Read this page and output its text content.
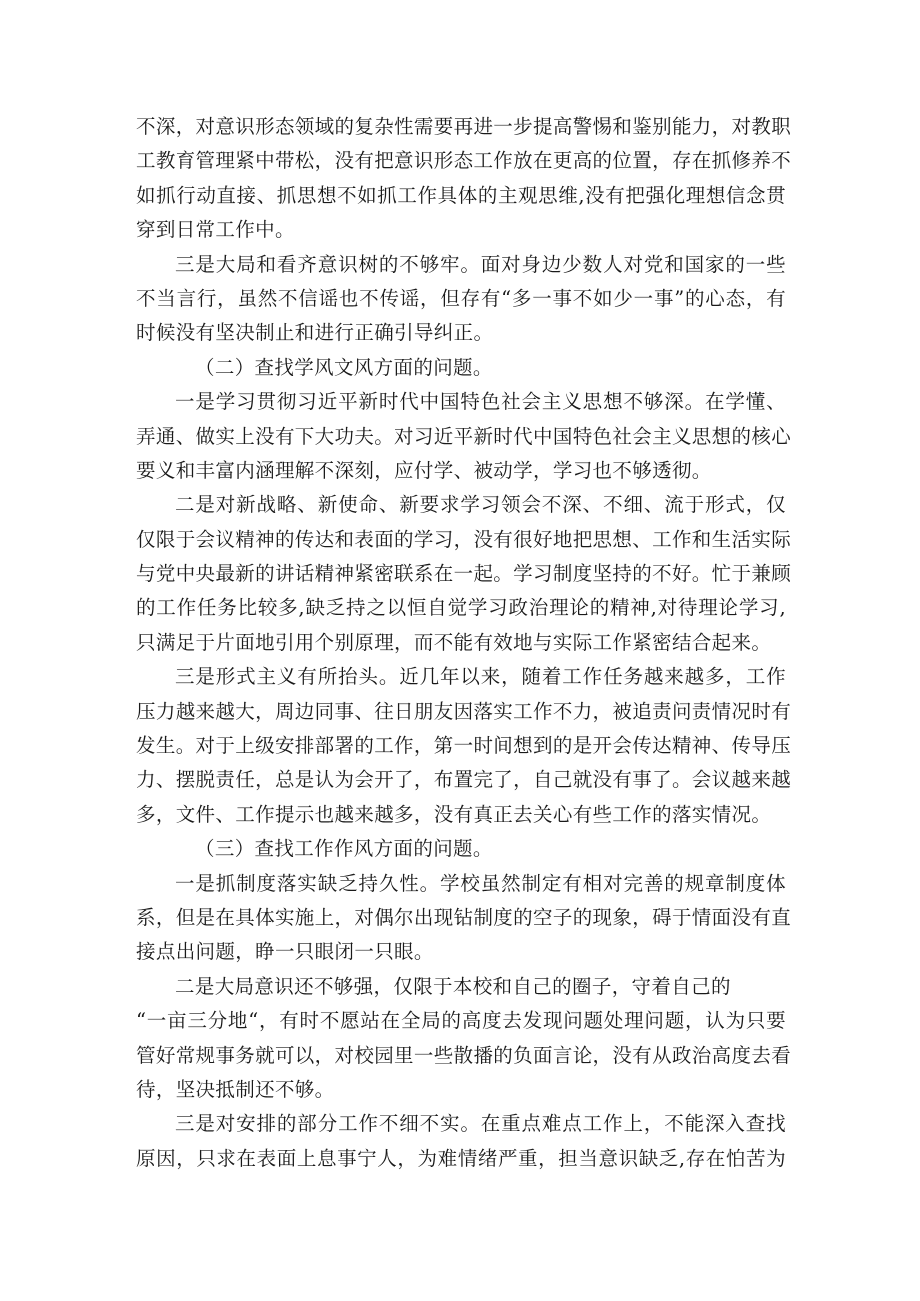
不深，对意识形态领域的复杂性需要再进一步提高警惕和鉴别能力，对教职
工教育管理紧中带松，没有把意识形态工作放在更高的位置，存在抓修养不
如抓行动直接、抓思想不如抓工作具体的主观思维,没有把强化理想信念贯
穿到日常工作中。
三是大局和看齐意识树的不够牢。面对身边少数人对党和国家的一些
不当言行，虽然不信谣也不传谣，但存有“多一事不如少一事”的心态，有
时候没有坚决制止和进行正确引导纠正。
（二）查找学风文风方面的问题。
一是学习贯彻习近平新时代中国特色社会主义思想不够深。在学懂、
弄通、做实上没有下大功夫。对习近平新时代中国特色社会主义思想的核心
要义和丰富内涵理解不深刻，应付学、被动学，学习也不够透彻。
二是对新战略、新使命、新要求学习领会不深、不细、流于形式，仅
仅限于会议精神的传达和表面的学习，没有很好地把思想、工作和生活实际
与党中央最新的讲话精神紧密联系在一起。学习制度坚持的不好。忙于兼顾
的工作任务比较多,缺乏持之以恒自觉学习政治理论的精神,对待理论学习,
只满足于片面地引用个别原理，而不能有效地与实际工作紧密结合起来。
三是形式主义有所抬头。近几年以来，随着工作任务越来越多，工作
压力越来越大，周边同事、往日朋友因落实工作不力，被追责问责情况时有
发生。对于上级安排部署的工作，第一时间想到的是开会传达精神、传导压
力、摆脱责任，总是认为会开了，布置完了，自己就没有事了。会议越来越
多，文件、工作提示也越来越多，没有真正去关心有些工作的落实情况。
（三）查找工作作风方面的问题。
一是抓制度落实缺乏持久性。学校虽然制定有相对完善的规章制度体
系，但是在具体实施上，对偶尔出现钻制度的空子的现象，碍于情面没有直
接点出问题，睁一只眼闭一只眼。
二是大局意识还不够强，仅限于本校和自己的圈子，守着自己的
“一亩三分地“，有时不愿站在全局的高度去发现问题处理问题，认为只要
管好常规事务就可以，对校园里一些散播的负面言论，没有从政治高度去看
待，坚决抵制还不够。
三是对安排的部分工作不细不实。在重点难点工作上，不能深入查找
原因，只求在表面上息事宁人，为难情绪严重，担当意识缺乏,存在怕苦为
